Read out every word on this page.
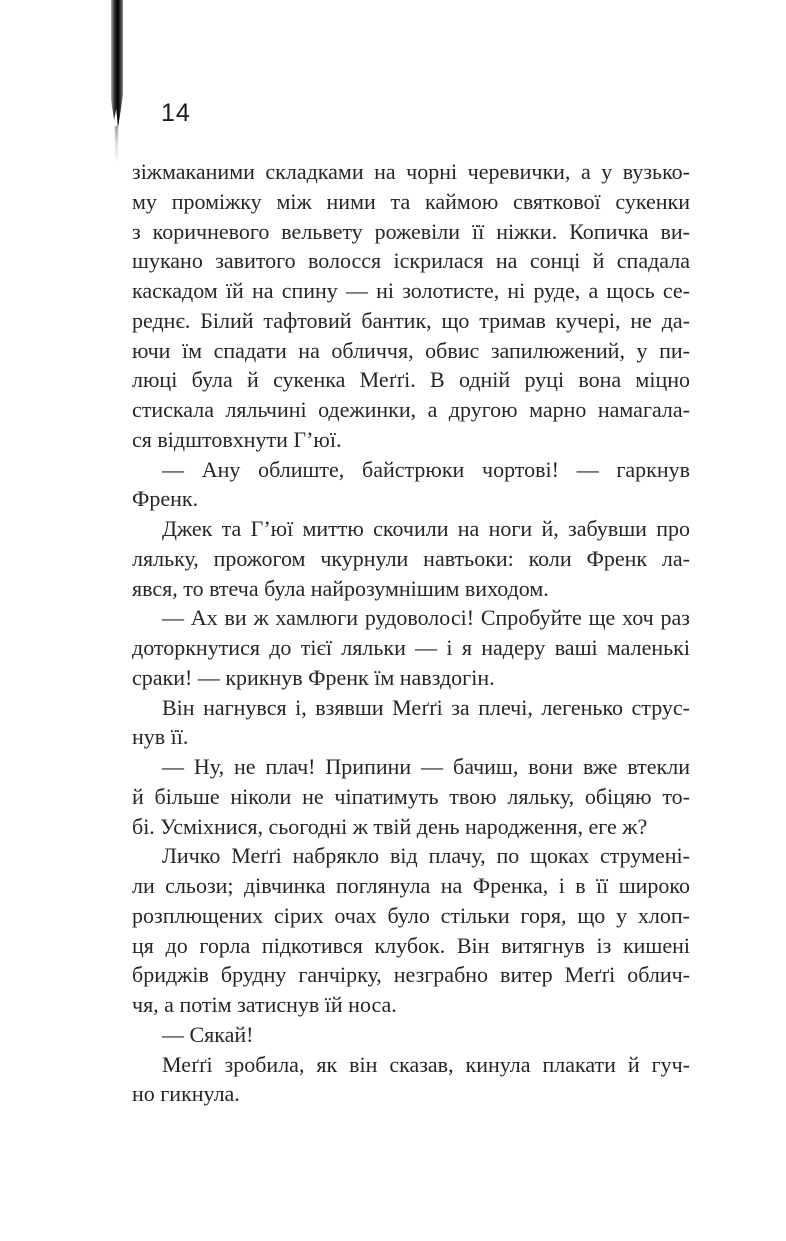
14

зіжмаканими складками на чорні черевички, а у вузько-
му проміжку між ними та каймою святкової сукенки
з коричневого вельвету рожевіли її ніжки. Копичка ви-
шукано завитого волосся іскрилася на сонці й спадала
каскадом їй на спину — ні золотисте, ні руде, а щось се-
реднє. Білий тафтовий бантик, що тримав кучері, не да-
ючи їм спадати на обличчя, обвис запилюжений, у пи-
люці була й сукенка Меґґі. В одній руці вона міцно
стискала ляльчині одежинки, а другою марно намагала-
ся відштовхнути Г’юї.

— Ану облиште, байстрюки чортові! — гаркнув
Френк.

Джек та Г’юї миттю скочили на ноги й, забувши про
ляльку, прожогом чкурнули навтьоки: коли Френк ла-
явся, то втеча була найрозумнішим виходом.

— Ах ви ж хамлюги рудоволосі! Спробуйте ще хоч раз
доторкнутися до тієї ляльки — і я надеру ваші маленькі
сраки! — крикнув Френк їм навздогін.

Він нагнувся і, взявши Меґґі за плечі, легенько струс-
нув її.

— Ну, не плач! Припини — бачиш, вони вже втекли
й більше ніколи не чіпатимуть твою ляльку, обіцяю то-
бі. Усміхнися, сьогодні ж твій день народження, еге ж?

Личко Меґґі набрякло від плачу, по щоках струмені-
ли сльози; дівчинка поглянула на Френка, і в її широко
розплющених сірих очах було стільки горя, що у хлоп-
ця до горла підкотився клубок. Він витягнув із кишені
бриджів брудну ганчірку, незграбно витер Меґґі облич-
чя, а потім затиснув їй носа.

— Сякай!

Меґґі зробила, як він сказав, кинула плакати й гуч-
но гикнула.
